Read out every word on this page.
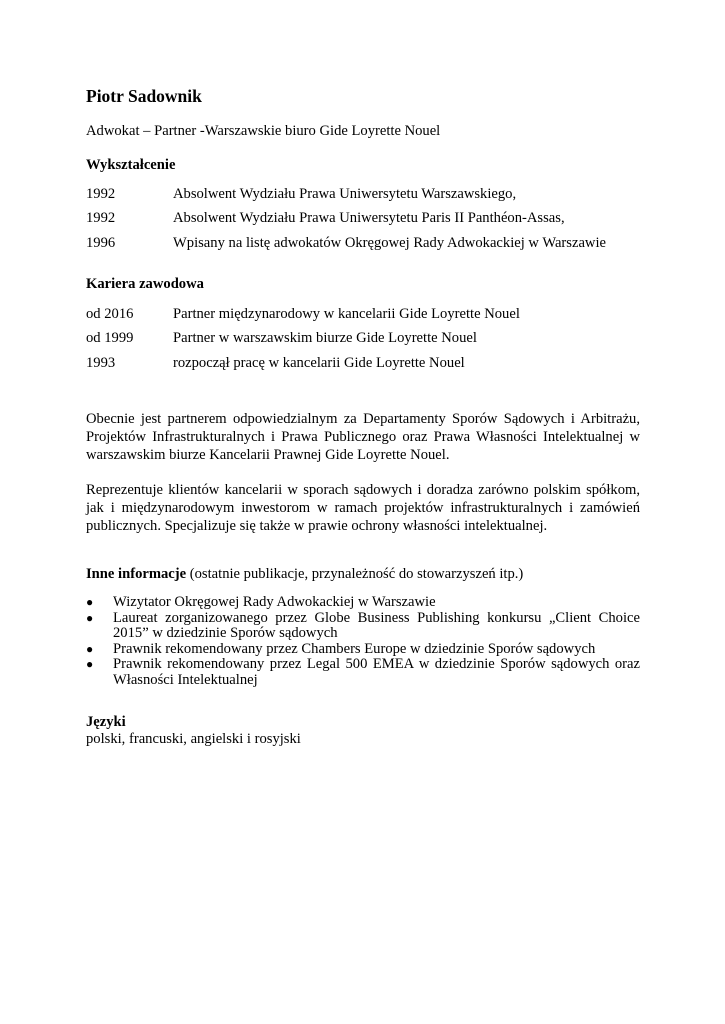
Piotr Sadownik
Adwokat – Partner -Warszawskie biuro Gide Loyrette Nouel
Wykształcenie
1992	Absolwent Wydziału Prawa Uniwersytetu Warszawskiego,
1992	Absolwent Wydziału Prawa Uniwersytetu Paris II Panthéon-Assas,
1996	Wpisany na listę adwokatów Okręgowej Rady Adwokackiej w Warszawie
Kariera zawodowa
od 2016	Partner międzynarodowy w kancelarii Gide Loyrette Nouel
od 1999	Partner w warszawskim biurze Gide Loyrette Nouel
1993	rozpoczął pracę w kancelarii Gide Loyrette Nouel

Obecnie jest partnerem odpowiedzialnym za Departamenty Sporów Sądowych i Arbitrażu, Projektów Infrastrukturalnych i Prawa Publicznego oraz Prawa Własności Intelektualnej w warszawskim biurze Kancelarii Prawnej Gide Loyrette Nouel.

Reprezentuje klientów kancelarii w sporach sądowych i doradza zarówno polskim spółkom, jak i międzynarodowym inwestorom w ramach projektów infrastrukturalnych i zamówień publicznych. Specjalizuje się także w prawie ochrony własności intelektualnej.

Inne informacje (ostatnie publikacje, przynależność do stowarzyszeń itp.)
● Wizytator Okręgowej Rady Adwokackiej w Warszawie
● Laureat zorganizowanego przez Globe Business Publishing konkursu „Client Choice 2015” w dziedzinie Sporów sądowych
● Prawnik rekomendowany przez Chambers Europe w dziedzinie Sporów sądowych
● Prawnik rekomendowany przez Legal 500 EMEA w dziedzinie Sporów sądowych oraz Własności Intelektualnej
Języki
polski, francuski, angielski i rosyjski
